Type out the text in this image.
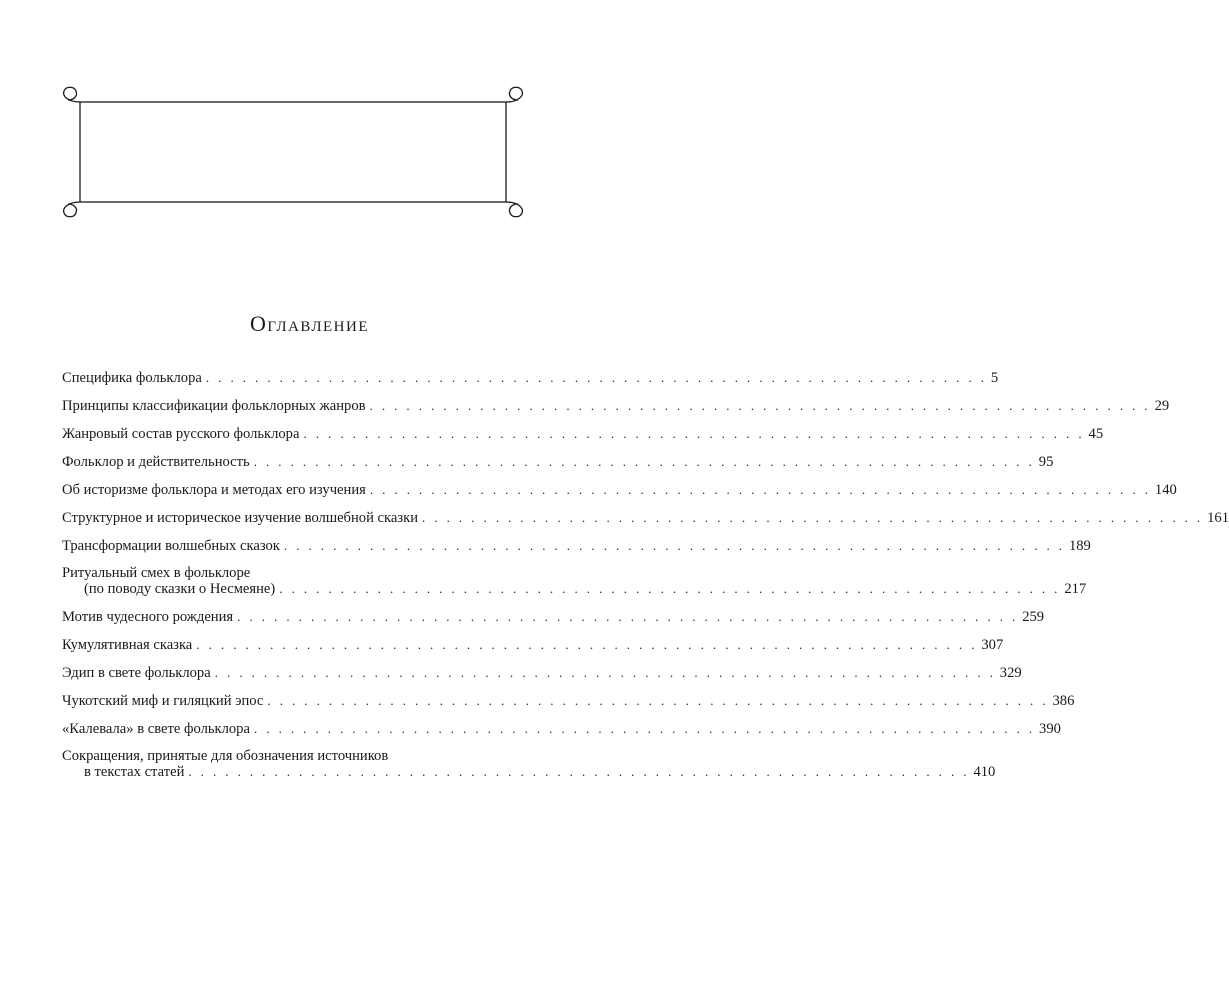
Оглавление
Специфика фольклора . . . . . . . . . . . . . . . . . . . . . . . . . . . . . . . . . . . . . . . . . . . . . . . . . . . . . . . . . . . . . . . . 5
Принципы классификации фольклорных жанров . . . . . . . . . . . . . . . . . . . . . . . . . . . . . . . . . . . . . . . . . . . . . . . . . . . . . . . . . . . . . . . . 29
Жанровый состав русского фольклора . . . . . . . . . . . . . . . . . . . . . . . . . . . . . . . . . . . . . . . . . . . . . . . . . . . . . . . . . . . . . . . . 45
Фольклор и действительность . . . . . . . . . . . . . . . . . . . . . . . . . . . . . . . . . . . . . . . . . . . . . . . . . . . . . . . . . . . . . . . . 95
Об историзме фольклора и методах его изучения . . . . . . . . . . . . . . . . . . . . . . . . . . . . . . . . . . . . . . . . . . . . . . . . . . . . . . . . . . . . . . . . 140
Структурное и историческое изучение волшебной сказки . . . . . . . . . . . . . . . . . . . . . . . . . . . . . . . . . . . . . . . . . . . . . . . . . . . . . . . . . . . . . . . . 161
Трансформации волшебных сказок . . . . . . . . . . . . . . . . . . . . . . . . . . . . . . . . . . . . . . . . . . . . . . . . . . . . . . . . . . . . . . . . 189
Ритуальный смех в фольклоре
(по поводу сказки о Несмеяне) . . . . . . . . . . . . . . . . . . . . . . . . . . . . . . . . . . . . . . . . . . . . . . . . . . . . . . . . . . . . . . . . 217
Мотив чудесного рождения . . . . . . . . . . . . . . . . . . . . . . . . . . . . . . . . . . . . . . . . . . . . . . . . . . . . . . . . . . . . . . . . 259
Кумулятивная сказка . . . . . . . . . . . . . . . . . . . . . . . . . . . . . . . . . . . . . . . . . . . . . . . . . . . . . . . . . . . . . . . . 307
Эдип в свете фольклора . . . . . . . . . . . . . . . . . . . . . . . . . . . . . . . . . . . . . . . . . . . . . . . . . . . . . . . . . . . . . . . . 329
Чукотский миф и гиляцкий эпос . . . . . . . . . . . . . . . . . . . . . . . . . . . . . . . . . . . . . . . . . . . . . . . . . . . . . . . . . . . . . . . . 386
«Калевала» в свете фольклора . . . . . . . . . . . . . . . . . . . . . . . . . . . . . . . . . . . . . . . . . . . . . . . . . . . . . . . . . . . . . . . . 390
Сокращения, принятые для обозначения источников
в текстах статей . . . . . . . . . . . . . . . . . . . . . . . . . . . . . . . . . . . . . . . . . . . . . . . . . . . . . . . . . . . . . . . . 410
